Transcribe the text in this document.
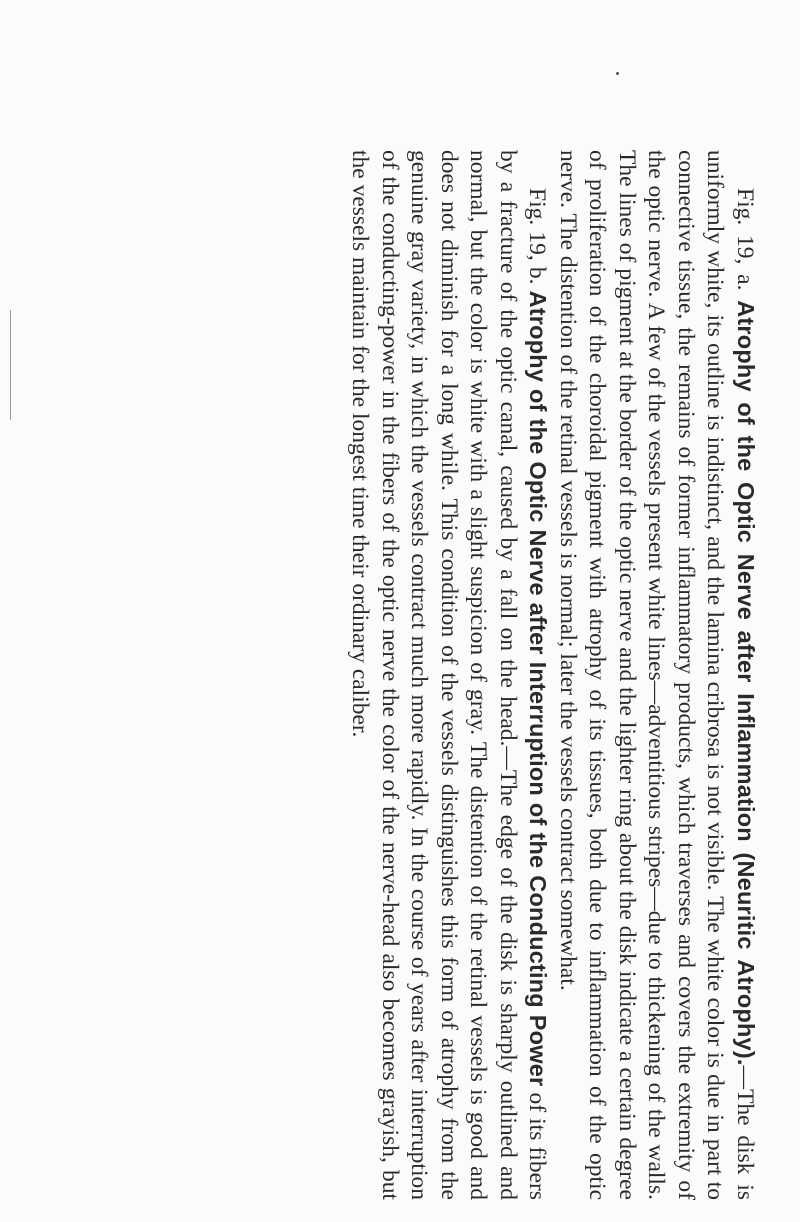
Fig. 19, a. Atrophy of the Optic Nerve after Inflammation (Neuritic Atrophy).—The disk is uniformly white, its outline is indistinct, and the lamina cribrosa is not visible. The white color is due in part to connective tissue, the remains of former inflammatory products, which traverses and covers the extremity of the optic nerve. A few of the vessels present white lines—adventitious stripes—due to thickening of the walls. The lines of pigment at the border of the optic nerve and the lighter ring about the disk indicate a certain degree of proliferation of the choroidal pigment with atrophy of its tissues, both due to inflammation of the optic nerve. The distention of the retinal vessels is normal; later the vessels contract somewhat.

Fig. 19, b. Atrophy of the Optic Nerve after Interruption of the Conducting Power of its fibers by a fracture of the optic canal, caused by a fall on the head.—The edge of the disk is sharply outlined and normal, but the color is white with a slight suspicion of gray. The distention of the retinal vessels is good and does not diminish for a long while. This condition of the vessels distinguishes this form of atrophy from the genuine gray variety, in which the vessels contract much more rapidly. In the course of years after interruption of the conducting-power in the fibers of the optic nerve the color of the nerve-head also becomes grayish, but the vessels maintain for the longest time their ordinary caliber.
